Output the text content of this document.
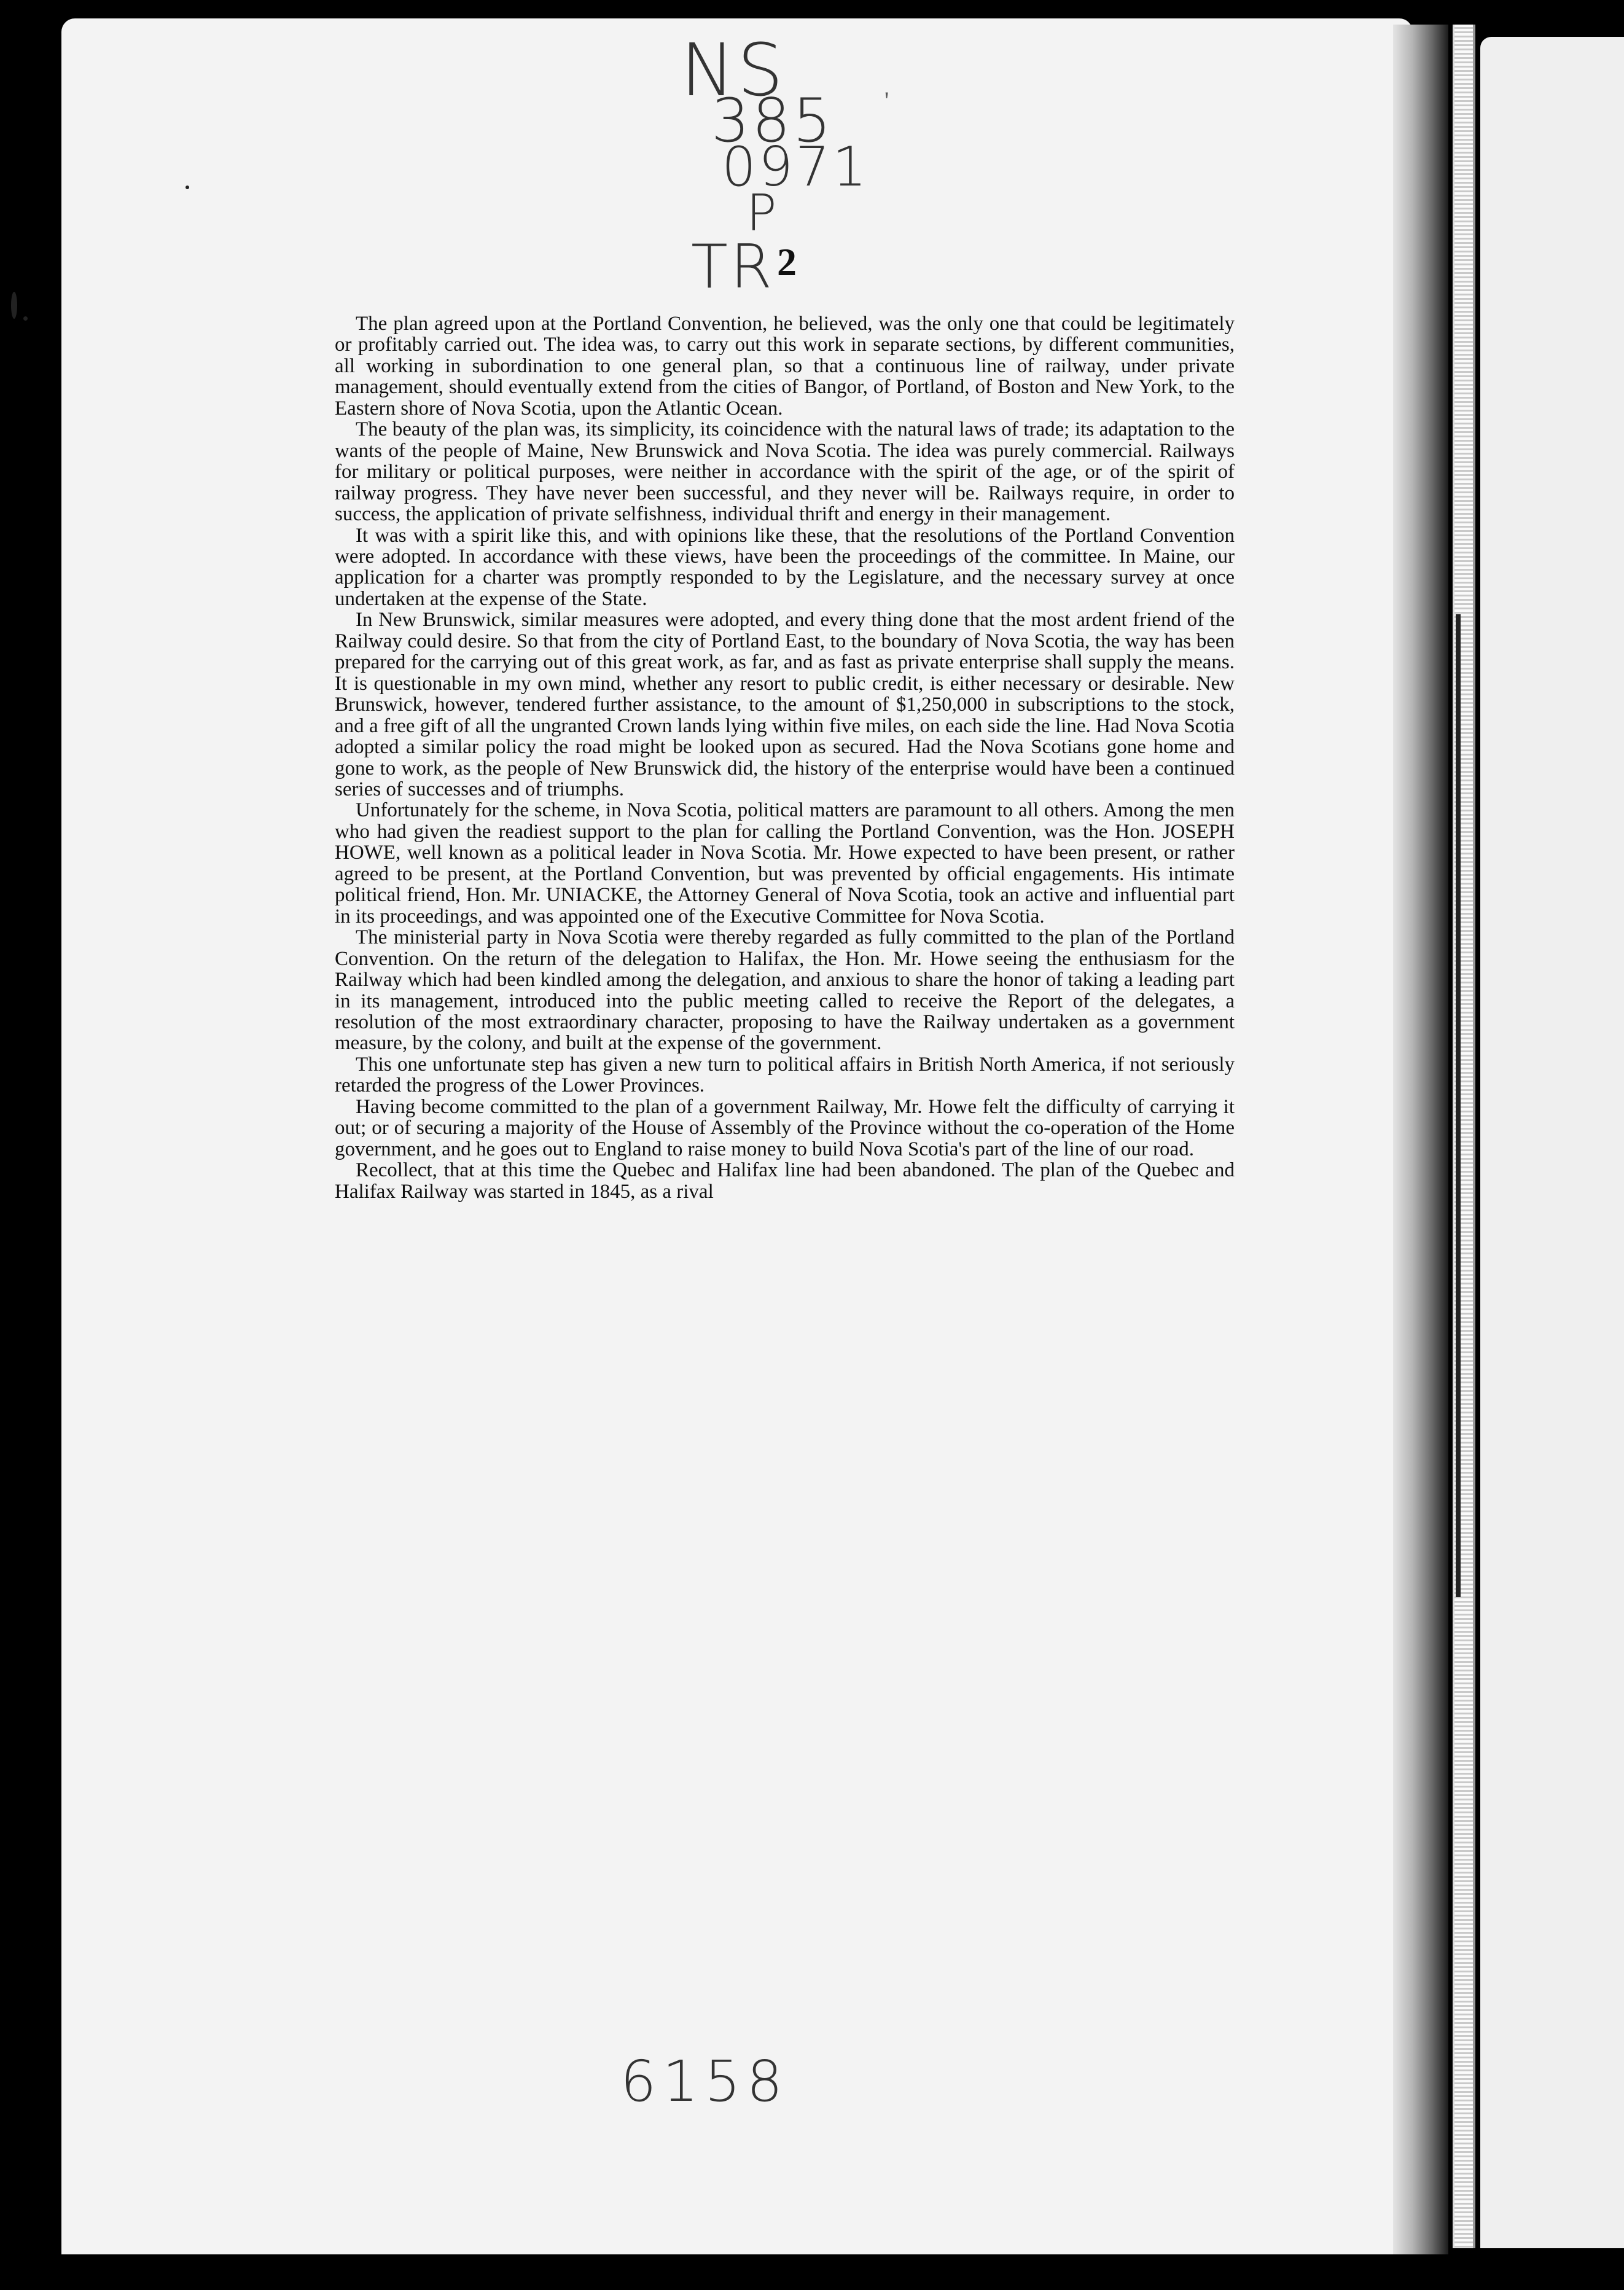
NS
385 '
0971
P
TR 2

The plan agreed upon at the Portland Convention, he believed, was the only one that could be legitimately or profitably carried out. The idea was, to carry out this work in separate sections, by different communities, all working in subordination to one general plan, so that a continuous line of railway, under private management, should eventually extend from the cities of Bangor, of Portland, of Boston and New York, to the Eastern shore of Nova Scotia, upon the Atlantic Ocean.

The beauty of the plan was, its simplicity, its coincidence with the natural laws of trade; its adaptation to the wants of the people of Maine, New Brunswick and Nova Scotia. The idea was purely commercial. Railways for military or political purposes, were neither in accordance with the spirit of the age, or of the spirit of railway progress. They have never been successful, and they never will be. Railways require, in order to success, the application of private selfishness, individual thrift and energy in their management.

It was with a spirit like this, and with opinions like these, that the resolutions of the Portland Convention were adopted. In accordance with these views, have been the proceedings of the committee. In Maine, our application for a charter was promptly responded to by the Legislature, and the necessary survey at once undertaken at the expense of the State.

In New Brunswick, similar measures were adopted, and every thing done that the most ardent friend of the Railway could desire. So that from the city of Portland East, to the boundary of Nova Scotia, the way has been prepared for the carrying out of this great work, as far, and as fast as private enterprise shall supply the means. It is questionable in my own mind, whether any resort to public credit, is either necessary or desirable. New Brunswick, however, tendered further assistance, to the amount of $1,250,000 in subscriptions to the stock, and a free gift of all the ungranted Crown lands lying within five miles, on each side the line. Had Nova Scotia adopted a similar policy the road might be looked upon as secured. Had the Nova Scotians gone home and gone to work, as the people of New Brunswick did, the history of the enterprise would have been a continued series of successes and of triumphs.

Unfortunately for the scheme, in Nova Scotia, political matters are paramount to all others. Among the men who had given the readiest support to the plan for calling the Portland Convention, was the Hon. JOSEPH HOWE, well known as a political leader in Nova Scotia. Mr. Howe expected to have been present, or rather agreed to be present, at the Portland Convention, but was prevented by official engagements. His intimate political friend, Hon. Mr. UNIACKE, the Attorney General of Nova Scotia, took an active and influential part in its proceedings, and was appointed one of the Executive Committee for Nova Scotia.

The ministerial party in Nova Scotia were thereby regarded as fully committed to the plan of the Portland Convention. On the return of the delegation to Halifax, the Hon. Mr. Howe seeing the enthusiasm for the Railway which had been kindled among the delegation, and anxious to share the honor of taking a leading part in its management, introduced into the public meeting called to receive the Report of the delegates, a resolution of the most extraordinary character, proposing to have the Railway undertaken as a government measure, by the colony, and built at the expense of the government.

This one unfortunate step has given a new turn to political affairs in British North America, if not seriously retarded the progress of the Lower Provinces.

Having become committed to the plan of a government Railway, Mr. Howe felt the difficulty of carrying it out; or of securing a majority of the House of Assembly of the Province without the co-operation of the Home government, and he goes out to England to raise money to build Nova Scotia's part of the line of our road.

Recollect, that at this time the Quebec and Halifax line had been abandoned. The plan of the Quebec and Halifax Railway was started in 1845, as a rival

6158
